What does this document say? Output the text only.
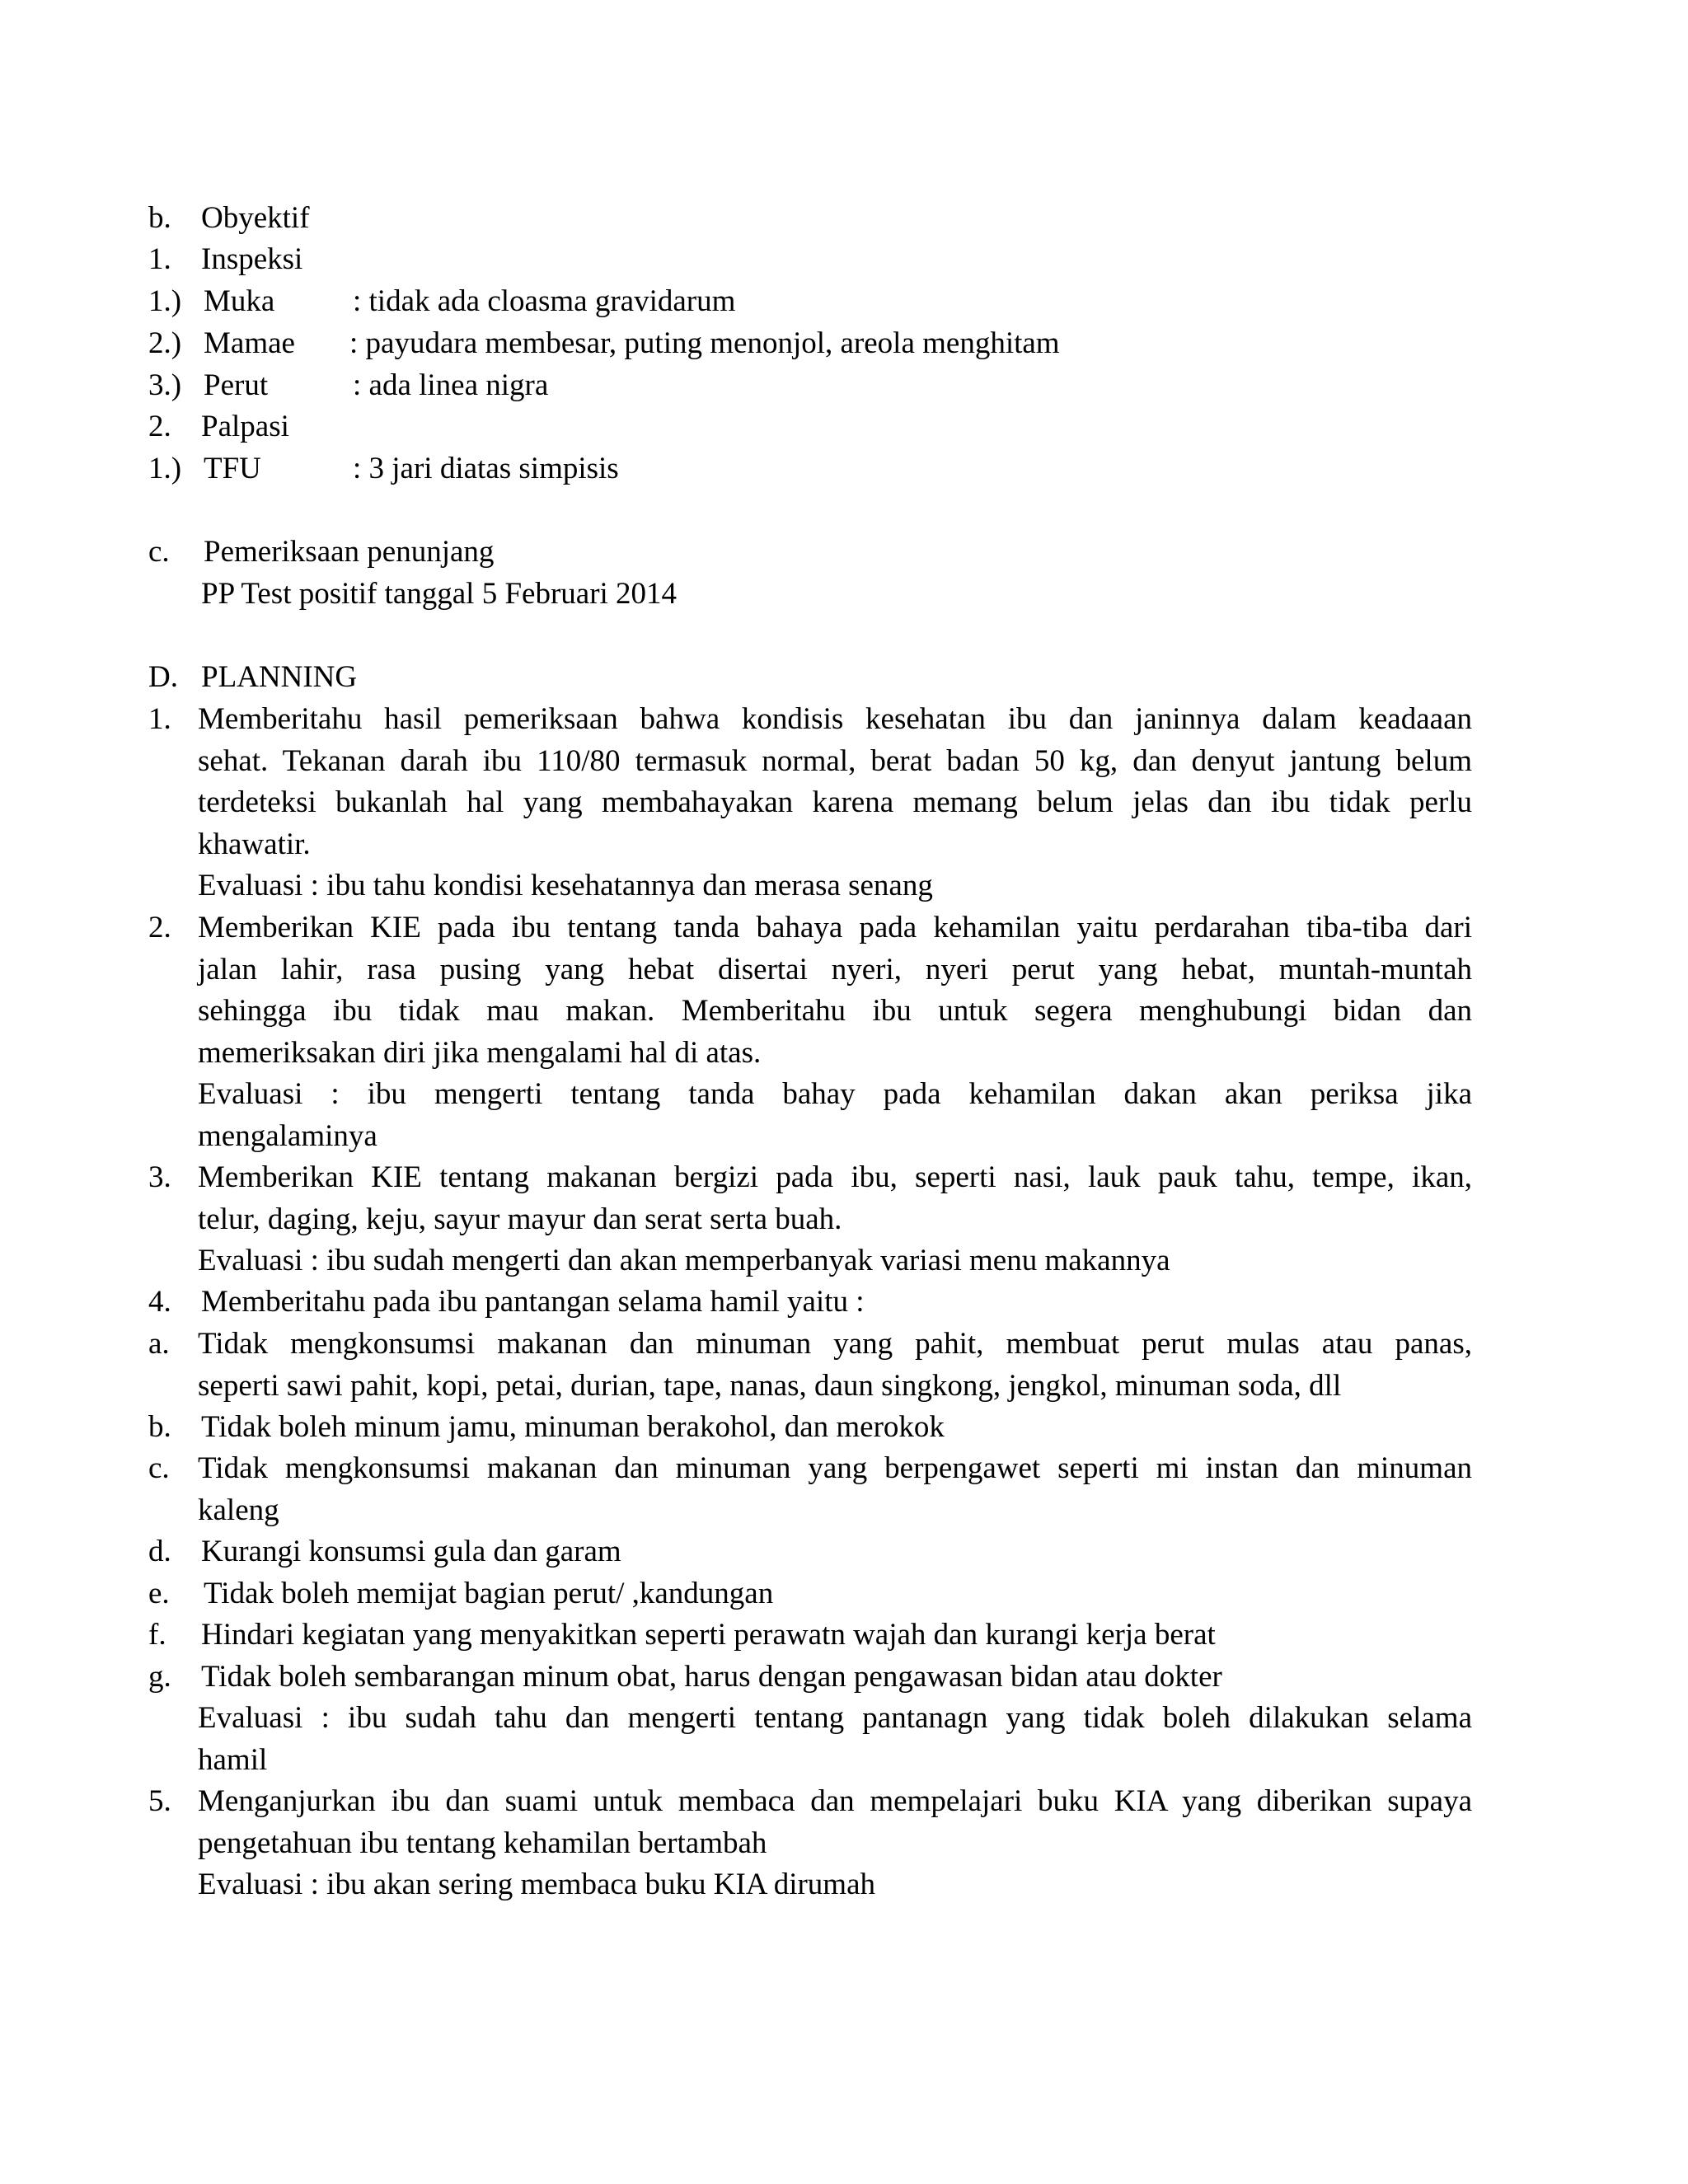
b. Obyektif
1. Inspeksi
1.) Muka	: tidak ada cloasma gravidarum
2.) Mamae : payudara membesar, puting menonjol, areola menghitam
3.) Perut	: ada linea nigra
2. Palpasi
1.) TFU	: 3 jari diatas simpisis
c. Pemeriksaan penunjang
PP Test positif tanggal 5 Februari 2014
D. PLANNING
1. Memberitahu hasil pemeriksaan bahwa kondisis kesehatan ibu dan janinnya dalam keadaaan
sehat. Tekanan darah ibu 110/80 termasuk normal, berat badan 50 kg, dan denyut jantung belum
terdeteksi bukanlah hal yang membahayakan karena memang belum jelas dan ibu tidak perlu
khawatir.
Evaluasi : ibu tahu kondisi kesehatannya dan merasa senang
2. Memberikan KIE pada ibu tentang tanda bahaya pada kehamilan yaitu perdarahan tiba-tiba dari
jalan lahir, rasa pusing yang hebat disertai nyeri, nyeri perut yang hebat, muntah-muntah
sehingga ibu tidak mau makan. Memberitahu ibu untuk segera menghubungi bidan dan
memeriksakan diri jika mengalami hal di atas.
Evaluasi : ibu mengerti tentang tanda bahay pada kehamilan dakan akan periksa jika
mengalaminya
3. Memberikan KIE tentang makanan bergizi pada ibu, seperti nasi, lauk pauk tahu, tempe, ikan,
telur, daging, keju, sayur mayur dan serat serta buah.
Evaluasi : ibu sudah mengerti dan akan memperbanyak variasi menu makannya
4. Memberitahu pada ibu pantangan selama hamil yaitu :
a. Tidak mengkonsumsi makanan dan minuman yang pahit, membuat perut mulas atau panas,
seperti sawi pahit, kopi, petai, durian, tape, nanas, daun singkong, jengkol, minuman soda, dll
b. Tidak boleh minum jamu, minuman berakohol, dan merokok
c. Tidak mengkonsumsi makanan dan minuman yang berpengawet seperti mi instan dan minuman
kaleng
d. Kurangi konsumsi gula dan garam
e. Tidak boleh memijat bagian perut/ ,kandungan
f. Hindari kegiatan yang menyakitkan seperti perawatn wajah dan kurangi kerja berat
g. Tidak boleh sembarangan minum obat, harus dengan pengawasan bidan atau dokter
Evaluasi : ibu sudah tahu dan mengerti tentang pantanagn yang tidak boleh dilakukan selama
hamil
5. Menganjurkan ibu dan suami untuk membaca dan mempelajari buku KIA yang diberikan supaya
pengetahuan ibu tentang kehamilan bertambah
Evaluasi : ibu akan sering membaca buku KIA dirumah
